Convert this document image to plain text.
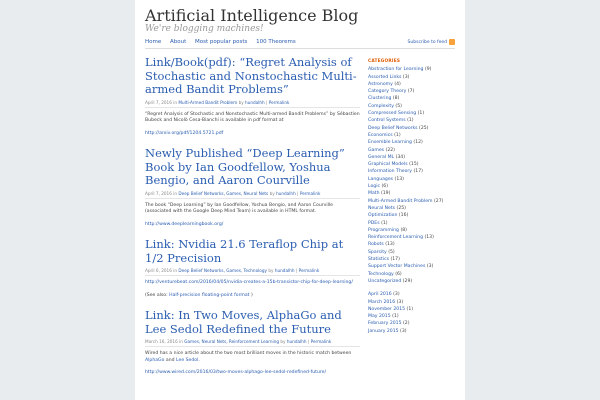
Artificial Intelligence Blog
We're blogging machines!
Home About Most popular posts 100 Theorems	Subscribe to feed
Link/Book(pdf): “Regret Analysis of Stochastic and Nonstochastic Multi-armed Bandit Problems”
April 7, 2016 in Multi-Armed Bandit Problem by hundalhh | Permalink

“Regret Analysis of Stochastic and Nonstochastic Multi-armed Bandit Problems” by Sébastien Bubeck and Nicolò Cesa-Bianchi is available in pdf format at

http://arxiv.org/pdf/1204.5721.pdf

Newly Published “Deep Learning” Book by Ian Goodfellow, Yoshua Bengio, and Aaron Courville
April 7, 2016 in Deep Belief Networks, Games, Neural Nets by hundalhh | Permalink

The book “Deep Learning” by Ian Goodfellow, Yoshua Bengio, and Aaron Courville (associated with the Google Deep Mind Team) is available in HTML format.

http://www.deeplearningbook.org/

Link: Nvidia 21.6 Teraflop Chip at 1/2 Precision
April 6, 2016 in Deep Belief Networks, Games, Technology by hundalhh | Permalink

http://venturebeat.com/2016/04/05/nvidia-creates-a-15b-transistor-chip-for-deep-learning/

(See also: Half-precision floating-point format )

Link: In Two Moves, AlphaGo and Lee Sedol Redefined the Future
March 16, 2016 in Games, Neural Nets, Reinforcement Learning by hundalhh | Permalink

Wired has a nice article about the two most brilliant moves in the historic match between AlphaGo and Lee Sedol.

http://www.wired.com/2016/03/two-moves-alphago-lee-sedol-redefined-future/

CATEGORIES
Abstraction for Learning (9)
Assorted Links (3)
Astronomy (4)
Category Theory (7)
Clustering (8)
Complexity (5)
Compressed Sensing (1)
Control Systems (1)
Deep Belief Networks (25)
Economics (1)
Ensemble Learning (12)
Games (22)
General ML (34)
Graphical Models (15)
Information Theory (17)
Languages (13)
Logic (6)
Math (19)
Multi-Armed Bandit Problem (27)
Neural Nets (25)
Optimization (16)
PDEs (1)
Programming (8)
Reinforcement Learning (13)
Robots (13)
Sparsity (5)
Statistics (17)
Support Vector Machines (3)
Technology (6)
Uncategorized (29)
April 2016 (3)
March 2016 (3)
November 2015 (1)
May 2015 (1)
February 2015 (2)
January 2015 (3)
